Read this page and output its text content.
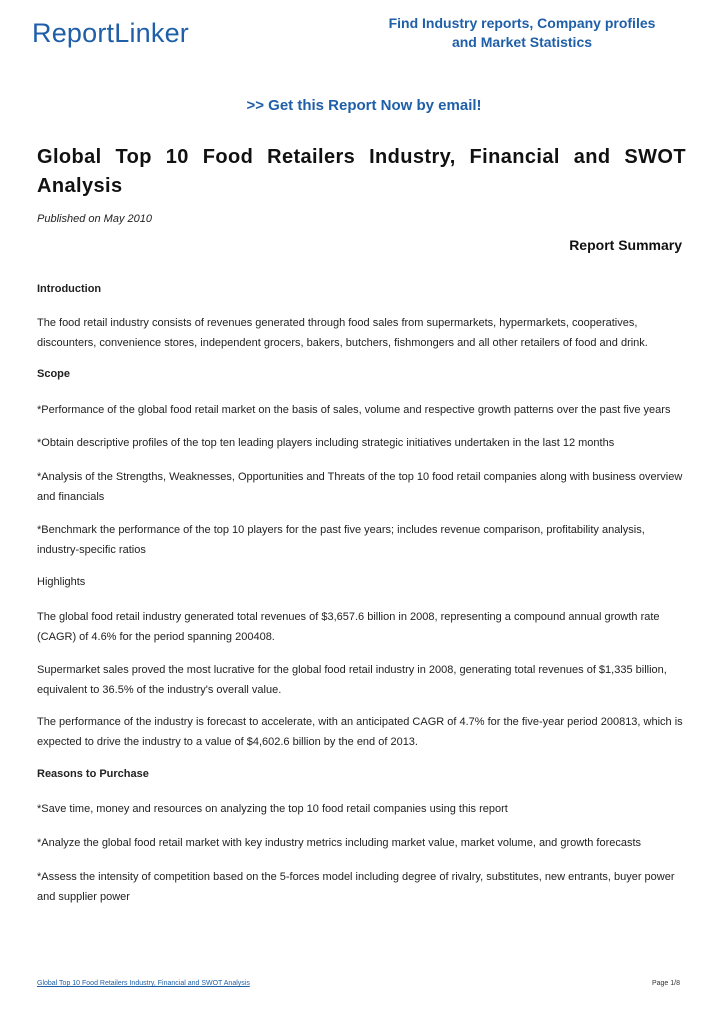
ReportLinker	Find Industry reports, Company profiles
and Market Statistics
>> Get this Report Now by email!
Global Top 10 Food Retailers Industry, Financial and SWOT Analysis
Published on May 2010
Report Summary
Introduction
The food retail industry consists of revenues generated through food sales from supermarkets, hypermarkets, cooperatives, discounters, convenience stores, independent grocers, bakers, butchers, fishmongers and all other retailers of food and drink.
Scope
*Performance of the global food retail market on the basis of sales, volume and respective growth patterns over the past five years
*Obtain descriptive profiles of the top ten leading players including strategic initiatives undertaken in the last 12 months
*Analysis of the Strengths, Weaknesses, Opportunities and Threats of the top 10 food retail companies along with business overview and financials
*Benchmark the performance of the top 10 players for the past five years; includes revenue comparison, profitability analysis, industry-specific ratios
Highlights
The global food retail industry generated total revenues of $3,657.6 billion in 2008, representing a compound annual growth rate (CAGR) of 4.6% for the period spanning 200408.
Supermarket sales proved the most lucrative for the global food retail industry in 2008, generating total revenues of $1,335 billion, equivalent to 36.5% of the industry's overall value.
The performance of the industry is forecast to accelerate, with an anticipated CAGR of 4.7% for the five-year period 200813, which is expected to drive the industry to a value of $4,602.6 billion by the end of 2013.
Reasons to Purchase
*Save time, money and resources on analyzing the top 10 food retail companies using this report
*Analyze the global food retail market with key industry metrics including market value, market volume, and growth forecasts
*Assess the intensity of competition based on the 5-forces model including degree of rivalry, substitutes, new entrants, buyer power and supplier power
Global Top 10 Food Retailers Industry, Financial and SWOT Analysis	Page 1/8
